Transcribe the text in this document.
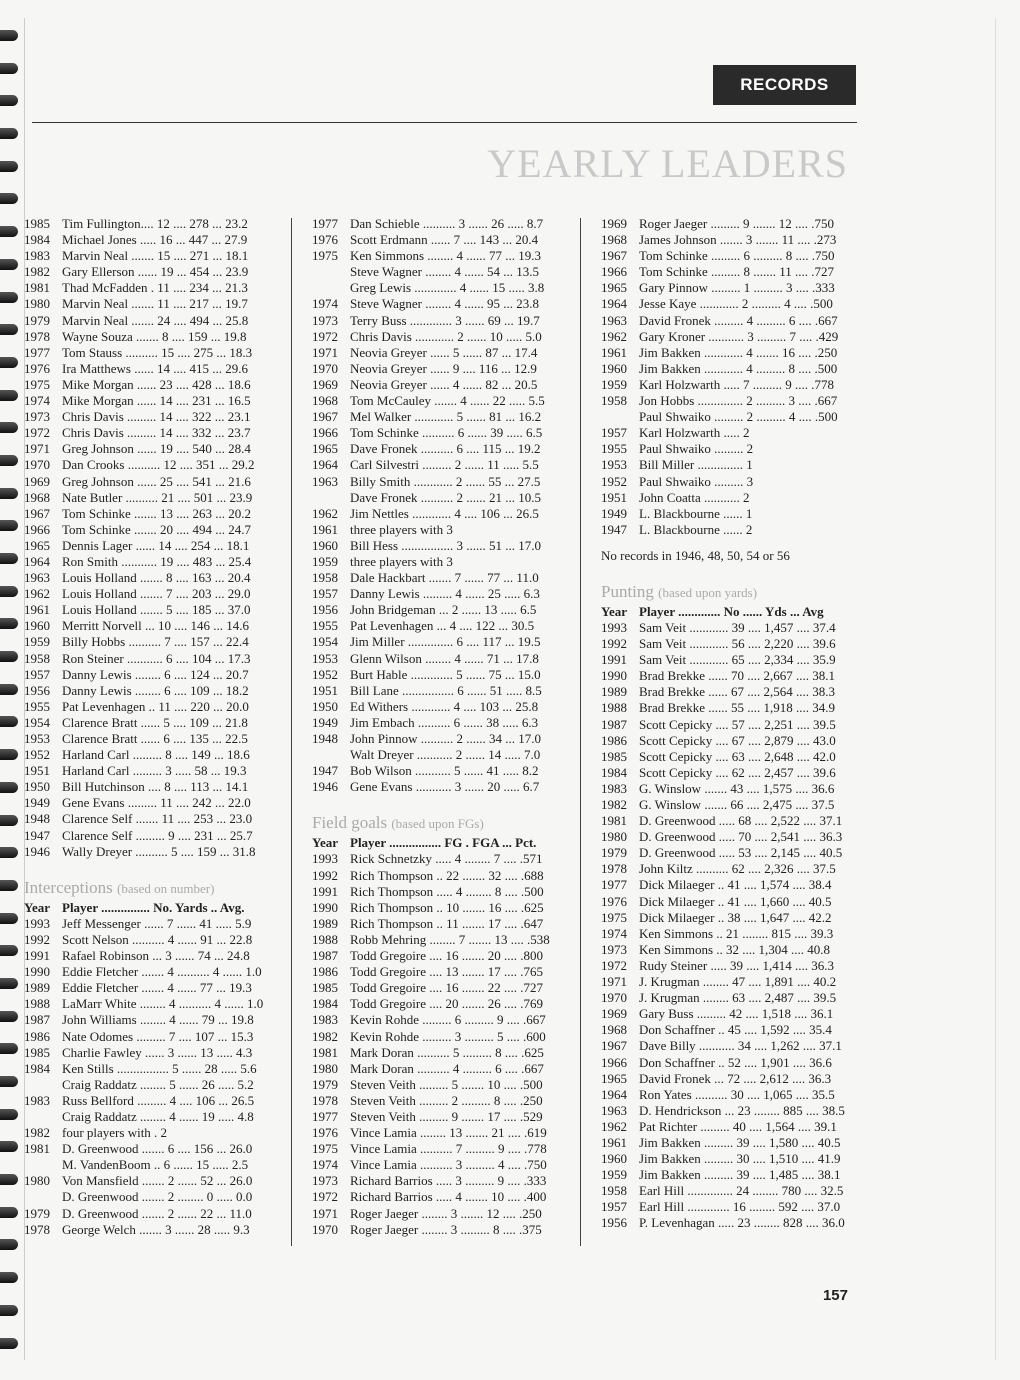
RECORDS
YEARLY LEADERS
1985 Tim Fullington.... 12 .... 278 ... 23.2
1984 Michael Jones ..... 16 ... 447 ... 27.9
1983 Marvin Neal ....... 15 .... 271 ... 18.1
1982 Gary Ellerson ...... 19 ... 454 ... 23.9
1981 Thad McFadden . 11 .... 234 ... 21.3
1980 Marvin Neal ....... 11 .... 217 ... 19.7
1979 Marvin Neal ....... 24 .... 494 ... 25.8
1978 Wayne Souza ....... 8 .... 159 ... 19.8
1977 Tom Stauss .......... 15 .... 275 ... 18.3
1976 Ira Matthews ...... 14 .... 415 ... 29.6
1975 Mike Morgan ...... 23 .... 428 ... 18.6
1974 Mike Morgan ...... 14 .... 231 ... 16.5
1973 Chris Davis ......... 14 .... 322 ... 23.1
1972 Chris Davis ......... 14 .... 332 ... 23.7
1971 Greg Johnson ...... 19 .... 540 ... 28.4
1970 Dan Crooks .......... 12 .... 351 ... 29.2
1969 Greg Johnson ...... 25 .... 541 ... 21.6
1968 Nate Butler .......... 21 .... 501 ... 23.9
1967 Tom Schinke ....... 13 .... 263 ... 20.2
1966 Tom Schinke ....... 20 .... 494 ... 24.7
1965 Dennis Lager ...... 14 .... 254 ... 18.1
1964 Ron Smith ........... 19 .... 483 ... 25.4
1963 Louis Holland ....... 8 .... 163 ... 20.4
1962 Louis Holland ....... 7 .... 203 ... 29.0
1961 Louis Holland ....... 5 .... 185 ... 37.0
1960 Merritt Norvell ... 10 .... 146 ... 14.6
1959 Billy Hobbs .......... 7 .... 157 ... 22.4
1958 Ron Steiner ........... 6 .... 104 ... 17.3
1957 Danny Lewis ........ 6 .... 124 ... 20.7
1956 Danny Lewis ........ 6 .... 109 ... 18.2
1955 Pat Levenhagen .. 11 .... 220 ... 20.0
1954 Clarence Bratt ...... 5 .... 109 ... 21.8
1953 Clarence Bratt ...... 6 .... 135 ... 22.5
1952 Harland Carl ......... 8 .... 149 ... 18.6
1951 Harland Carl ......... 3 ..... 58 ... 19.3
1950 Bill Hutchinson .... 8 .... 113 ... 14.1
1949 Gene Evans ......... 11 .... 242 ... 22.0
1948 Clarence Self ....... 11 .... 253 ... 23.0
1947 Clarence Self ......... 9 .... 231 ... 25.7
1946 Wally Dreyer .......... 5 .... 159 ... 31.8
Interceptions (based on number)
Year Player ............... No. Yards .. Avg.
1993 Jeff Messenger ...... 7 ...... 41 ..... 5.9
1992 Scott Nelson .......... 4 ...... 91 ... 22.8
1991 Rafael Robinson ... 3 ...... 74 ... 24.8
1990 Eddie Fletcher ....... 4 .......... 4 ...... 1.0
1989 Eddie Fletcher ....... 4 ...... 77 ... 19.3
1988 LaMarr White ........ 4 .......... 4 ...... 1.0
1987 John Williams ........ 4 ...... 79 ... 19.8
1986 Nate Odomes ......... 7 .... 107 ... 15.3
1985 Charlie Fawley ...... 3 ...... 13 ..... 4.3
1984 Ken Stills ................ 5 ...... 28 ..... 5.6
Craig Raddatz ........ 5 ...... 26 ..... 5.2
1983 Russ Bellford ......... 4 .... 106 ... 26.5
Craig Raddatz ........ 4 ...... 19 ..... 4.8
1982 four players with . 2
1981 D. Greenwood ....... 6 .... 156 ... 26.0
M. VandenBoom .. 6 ...... 15 ..... 2.5
1980 Von Mansfield ....... 2 ...... 52 ... 26.0
D. Greenwood ....... 2 ........ 0 ..... 0.0
1979 D. Greenwood ....... 2 ...... 22 ... 11.0
1978 George Welch ....... 3 ...... 28 ..... 9.3
1977 Dan Schieble .......... 3 ...... 26 ..... 8.7
1976 Scott Erdmann ...... 7 .... 143 ... 20.4
1975 Ken Simmons ........ 4 ...... 77 ... 19.3
Steve Wagner ........ 4 ...... 54 ... 13.5
Greg Lewis ............. 4 ...... 15 ..... 3.8
1974 Steve Wagner ........ 4 ...... 95 ... 23.8
1973 Terry Buss ............. 3 ...... 69 ... 19.7
1972 Chris Davis ............ 2 ...... 10 ..... 5.0
1971 Neovia Greyer ...... 5 ...... 87 ... 17.4
1970 Neovia Greyer ...... 9 .... 116 ... 12.9
1969 Neovia Greyer ...... 4 ...... 82 ... 20.5
1968 Tom McCauley ....... 4 ...... 22 ..... 5.5
1967 Mel Walker ............ 5 ...... 81 ... 16.2
1966 Tom Schinke .......... 6 ...... 39 ..... 6.5
1965 Dave Fronek .......... 6 .... 115 ... 19.2
1964 Carl Silvestri ......... 2 ...... 11 ..... 5.5
1963 Billy Smith ............ 2 ...... 55 ... 27.5
Dave Fronek .......... 2 ...... 21 ... 10.5
1962 Jim Nettles ............ 4 .... 106 ... 26.5
1961 three players with 3
1960 Bill Hess ................ 3 ...... 51 ... 17.0
1959 three players with 3
1958 Dale Hackbart ....... 7 ...... 77 ... 11.0
1957 Danny Lewis ......... 4 ...... 25 ..... 6.3
1956 John Bridgeman ... 2 ...... 13 ..... 6.5
1955 Pat Levenhagen ... 4 .... 122 ... 30.5
1954 Jim Miller .............. 6 .... 117 ... 19.5
1953 Glenn Wilson ........ 4 ...... 71 ... 17.8
1952 Burt Hable ............. 5 ...... 75 ... 15.0
1951 Bill Lane ................ 6 ...... 51 ..... 8.5
1950 Ed Withers ............ 4 .... 103 ... 25.8
1949 Jim Embach .......... 6 ...... 38 ..... 6.3
1948 John Pinnow .......... 2 ...... 34 ... 17.0
Walt Dreyer ........... 2 ...... 14 ..... 7.0
1947 Bob Wilson ........... 5 ...... 41 ..... 8.2
1946 Gene Evans ........... 3 ...... 20 ..... 6.7
Field goals (based upon FGs)
Year Player ................ FG . FGA ... Pct.
1993 Rick Schnetzky ..... 4 ........ 7 .... .571
1992 Rich Thompson .. 22 ....... 32 .... .688
1991 Rich Thompson ..... 4 ........ 8 .... .500
1990 Rich Thompson .. 10 ....... 16 .... .625
1989 Rich Thompson .. 11 ....... 17 .... .647
1988 Robb Mehring ........ 7 ....... 13 .... .538
1987 Todd Gregoire .... 16 ....... 20 .... .800
1986 Todd Gregoire .... 13 ....... 17 .... .765
1985 Todd Gregoire .... 16 ....... 22 .... .727
1984 Todd Gregoire .... 20 ....... 26 .... .769
1983 Kevin Rohde ......... 6 ......... 9 .... .667
1982 Kevin Rohde ......... 3 ......... 5 .... .600
1981 Mark Doran .......... 5 ......... 8 .... .625
1980 Mark Doran .......... 4 ......... 6 .... .667
1979 Steven Veith ......... 5 ....... 10 .... .500
1978 Steven Veith ......... 2 ......... 8 .... .250
1977 Steven Veith ......... 9 ....... 17 .... .529
1976 Vince Lamia ........ 13 ....... 21 .... .619
1975 Vince Lamia .......... 7 ......... 9 .... .778
1974 Vince Lamia .......... 3 ......... 4 .... .750
1973 Richard Barrios ..... 3 ......... 9 .... .333
1972 Richard Barrios ..... 4 ....... 10 .... .400
1971 Roger Jaeger ........ 3 ....... 12 .... .250
1970 Roger Jaeger ........ 3 ......... 8 .... .375
1969 Roger Jaeger ......... 9 ....... 12 .... .750
1968 James Johnson ....... 3 ....... 11 .... .273
1967 Tom Schinke ......... 6 ......... 8 .... .750
1966 Tom Schinke ......... 8 ....... 11 .... .727
1965 Gary Pinnow ......... 1 ......... 3 .... .333
1964 Jesse Kaye ............ 2 ......... 4 .... .500
1963 David Fronek ......... 4 ......... 6 .... .667
1962 Gary Kroner ........... 3 ......... 7 .... .429
1961 Jim Bakken ............ 4 ....... 16 .... .250
1960 Jim Bakken ............ 4 ......... 8 .... .500
1959 Karl Holzwarth ..... 7 ......... 9 .... .778
1958 Jon Hobbs .............. 2 ......... 3 .... .667
Paul Shwaiko ......... 2 ......... 4 .... .500
1957 Karl Holzwarth ..... 2
1955 Paul Shwaiko ......... 2
1953 Bill Miller .............. 1
1952 Paul Shwaiko ......... 3
1951 John Coatta ........... 2
1949 L. Blackbourne ...... 1
1947 L. Blackbourne ...... 2
No records in 1946, 48, 50, 54 or 56
Punting (based upon yards)
Year Player ............. No ...... Yds ... Avg
1993 Sam Veit ............ 39 .... 1,457 .... 37.4
1992 Sam Veit ............ 56 .... 2,220 .... 39.6
1991 Sam Veit ............ 65 .... 2,334 .... 35.9
1990 Brad Brekke ...... 70 .... 2,667 .... 38.1
1989 Brad Brekke ...... 67 .... 2,564 .... 38.3
1988 Brad Brekke ...... 55 .... 1,918 .... 34.9
1987 Scott Cepicky .... 57 .... 2,251 .... 39.5
1986 Scott Cepicky .... 67 .... 2,879 .... 43.0
1985 Scott Cepicky .... 63 .... 2,648 .... 42.0
1984 Scott Cepicky .... 62 .... 2,457 .... 39.6
1983 G. Winslow ....... 43 .... 1,575 .... 36.6
1982 G. Winslow ....... 66 .... 2,475 .... 37.5
1981 D. Greenwood ..... 68 .... 2,522 .... 37.1
1980 D. Greenwood ..... 70 .... 2,541 .... 36.3
1979 D. Greenwood ..... 53 .... 2,145 .... 40.5
1978 John Kiltz .......... 62 .... 2,326 .... 37.5
1977 Dick Milaeger .. 41 .... 1,574 .... 38.4
1976 Dick Milaeger .. 41 .... 1,660 .... 40.5
1975 Dick Milaeger .. 38 .... 1,647 .... 42.2
1974 Ken Simmons .. 21 ........ 815 .... 39.3
1973 Ken Simmons .. 32 .... 1,304 .... 40.8
1972 Rudy Steiner ..... 39 .... 1,414 .... 36.3
1971 J. Krugman ........ 47 .... 1,891 .... 40.2
1970 J. Krugman ........ 63 .... 2,487 .... 39.5
1969 Gary Buss ......... 42 .... 1,518 .... 36.1
1968 Don Schaffner .. 45 .... 1,592 .... 35.4
1967 Dave Billy ........... 34 .... 1,262 .... 37.1
1966 Don Schaffner .. 52 .... 1,901 .... 36.6
1965 David Fronek ... 72 .... 2,612 .... 36.3
1964 Ron Yates .......... 30 .... 1,065 .... 35.5
1963 D. Hendrickson ... 23 ........ 885 .... 38.5
1962 Pat Richter ......... 40 .... 1,564 .... 39.1
1961 Jim Bakken ......... 39 .... 1,580 .... 40.5
1960 Jim Bakken ......... 30 .... 1,510 .... 41.9
1959 Jim Bakken ......... 39 .... 1,485 .... 38.1
1958 Earl Hill .............. 24 ........ 780 .... 32.5
1957 Earl Hill ............. 16 ........ 592 .... 37.0
1956 P. Levenhagan ..... 23 ........ 828 .... 36.0
157
